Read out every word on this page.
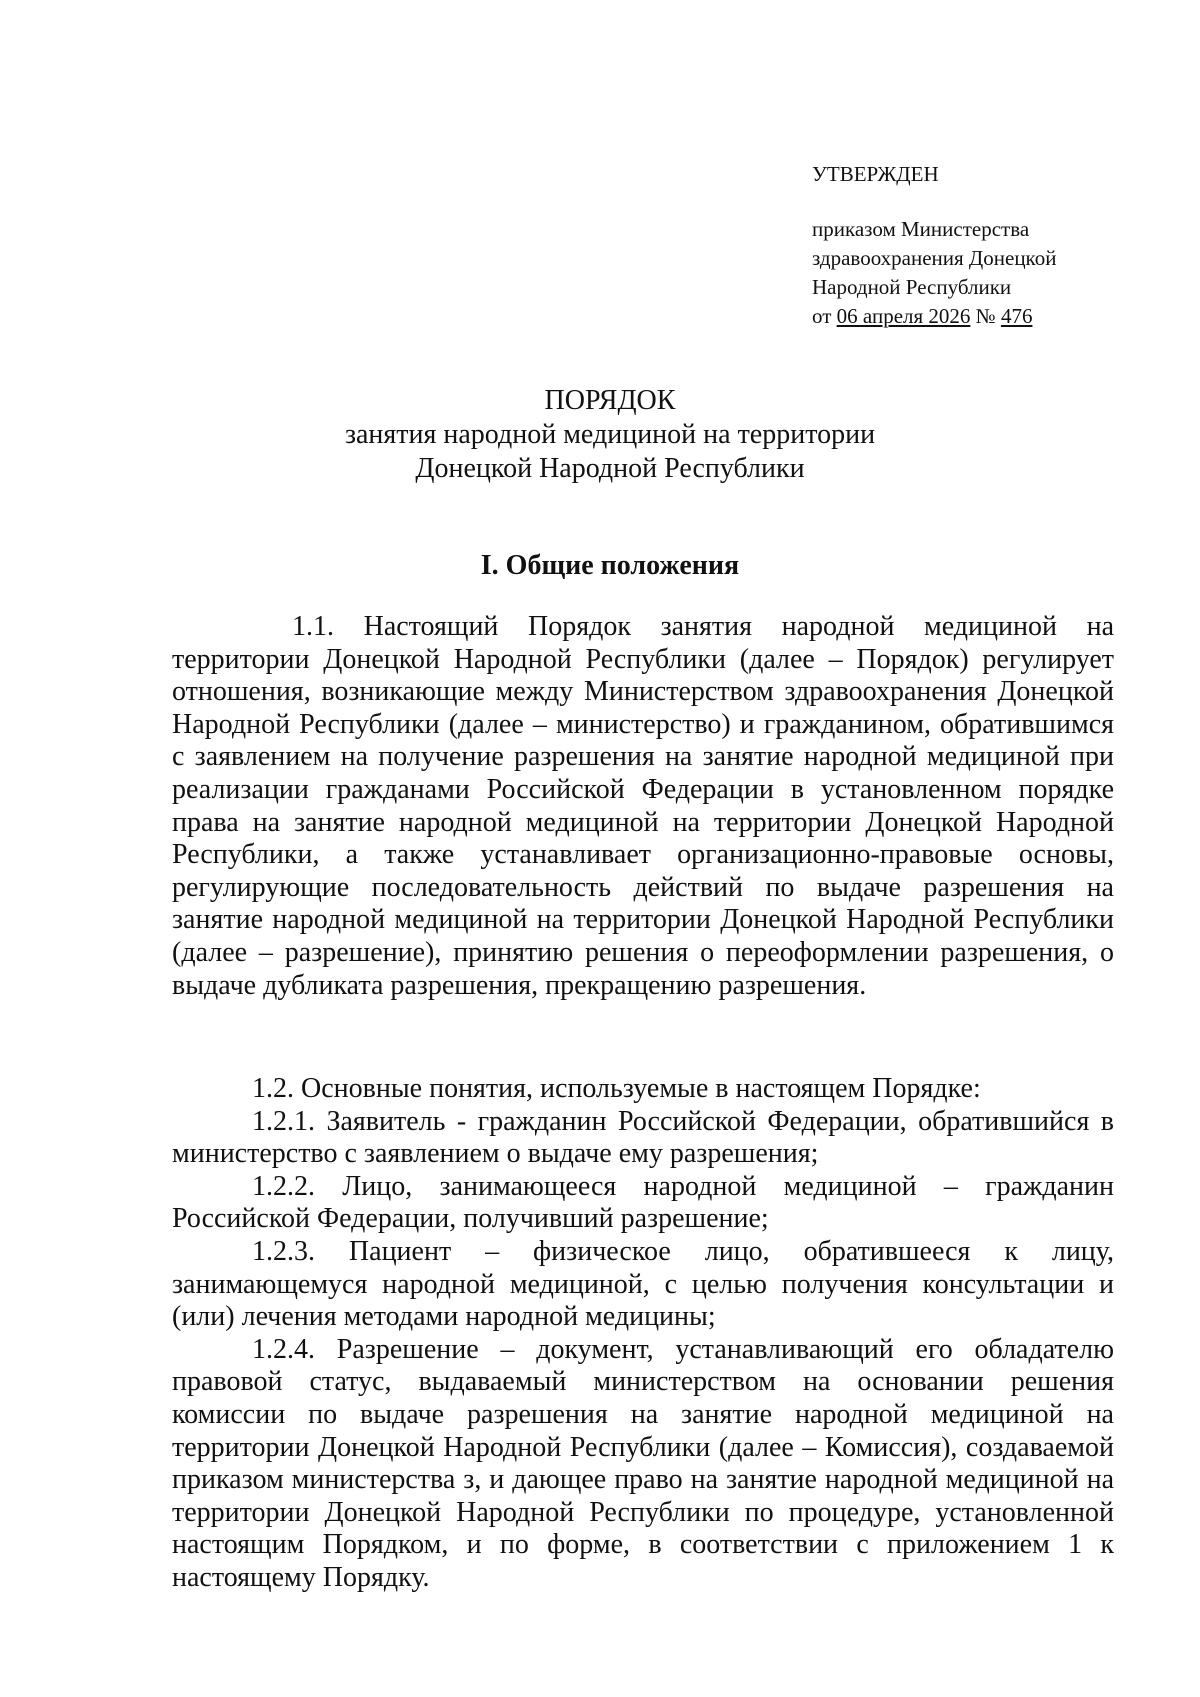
УТВЕРЖДЕН
приказом Министерства
здравоохранения Донецкой
Народной Республики
от 06 апреля 2026 № 476
ПОРЯДОК
занятия народной медициной на территории
Донецкой Народной Республики
I. Общие положения

1.1. Настоящий Порядок занятия народной медициной на территории Донецкой Народной Республики (далее – Порядок) регулирует отношения, возникающие между Министерством здравоохранения Донецкой Народной Республики (далее – министерство) и гражданином, обратившимся с заявлением на получение разрешения на занятие народной медициной при реализации гражданами Российской Федерации в установленном порядке права на занятие народной медициной на территории Донецкой Народной Республики, а также устанавливает организационно-правовые основы, регулирующие последовательность действий по выдаче разрешения на занятие народной медициной на территории Донецкой Народной Республики (далее – разрешение), принятию решения о переоформлении разрешения, о выдаче дубликата разрешения, прекращению разрешения.

1.2. Основные понятия, используемые в настоящем Порядке:

1.2.1. Заявитель - гражданин Российской Федерации, обратившийся в министерство с заявлением о выдаче ему разрешения;

1.2.2. Лицо, занимающееся народной медициной – гражданин Российской Федерации, получивший разрешение;

1.2.3. Пациент – физическое лицо, обратившееся к лицу, занимающемуся народной медициной, с целью получения консультации и (или) лечения методами народной медицины;

1.2.4. Разрешение – документ, устанавливающий его обладателю правовой статус, выдаваемый министерством на основании решения комиссии по выдаче разрешения на занятие народной медициной на территории Донецкой Народной Республики (далее – Комиссия), создаваемой приказом министерства з, и дающее право на занятие народной медициной на территории Донецкой Народной Республики по процедуре, установленной настоящим Порядком, и по форме, в соответствии с приложением 1 к настоящему Порядку.
